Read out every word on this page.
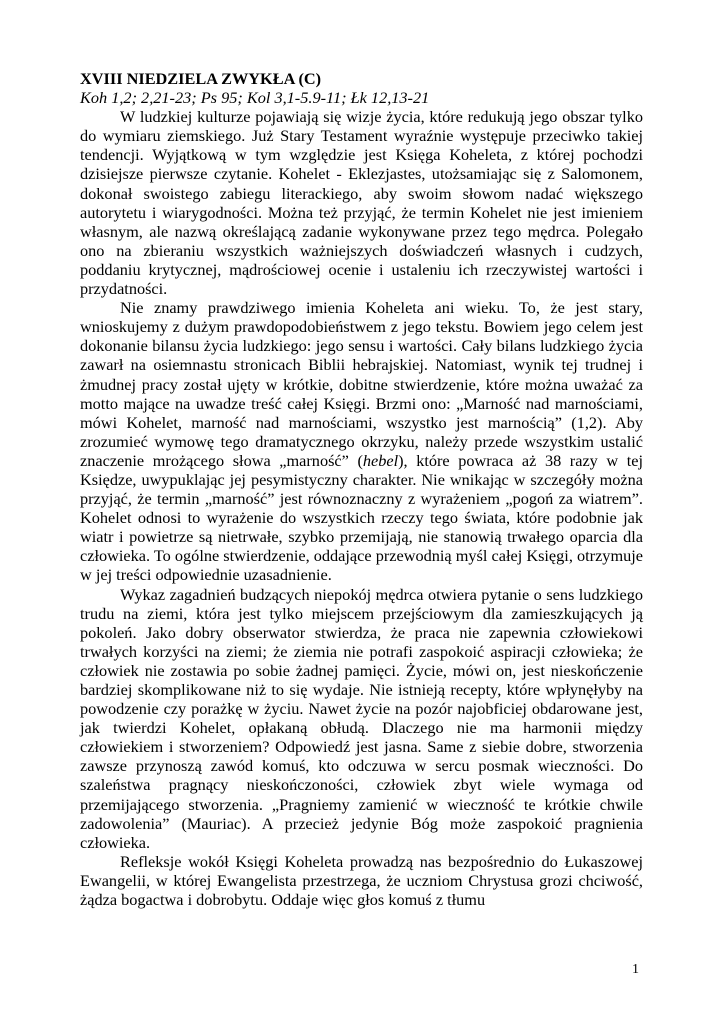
XVIII NIEDZIELA ZWYKŁA (C)

Koh 1,2; 2,21-23; Ps 95; Kol 3,1-5.9-11; Łk 12,13-21

W ludzkiej kulturze pojawiają się wizje życia, które redukują jego obszar tylko do wymiaru ziemskiego. Już Stary Testament wyraźnie występuje przeciwko takiej tendencji. Wyjątkową w tym względzie jest Księga Koheleta, z której pochodzi dzisiejsze pierwsze czytanie. Kohelet - Eklezjastes, utożsamiając się z Salomonem, dokonał swoistego zabiegu literackiego, aby swoim słowom nadać większego autorytetu i wiarygodności. Można też przyjąć, że termin Kohelet nie jest imieniem własnym, ale nazwą określającą zadanie wykonywane przez tego mędrca. Polegało ono na zbieraniu wszystkich ważniejszych doświadczeń własnych i cudzych, poddaniu krytycznej, mądrościowej ocenie i ustaleniu ich rzeczywistej wartości i przydatności.

Nie znamy prawdziwego imienia Koheleta ani wieku. To, że jest stary, wnioskujemy z dużym prawdopodobieństwem z jego tekstu. Bowiem jego celem jest dokonanie bilansu życia ludzkiego: jego sensu i wartości. Cały bilans ludzkiego życia zawarł na osiemnastu stronicach Biblii hebrajskiej. Natomiast, wynik tej trudnej i żmudnej pracy został ujęty w krótkie, dobitne stwierdzenie, które można uważać za motto mające na uwadze treść całej Księgi. Brzmi ono: „Marność nad marnościami, mówi Kohelet, marność nad marnościami, wszystko jest marnością” (1,2). Aby zrozumieć wymowę tego dramatycznego okrzyku, należy przede wszystkim ustalić znaczenie mrożącego słowa „marność” (hebel), które powraca aż 38 razy w tej Księdze, uwypuklając jej pesymistyczny charakter. Nie wnikając w szczegóły można przyjąć, że termin „marność” jest równoznaczny z wyrażeniem „pogoń za wiatrem”. Kohelet odnosi to wyrażenie do wszystkich rzeczy tego świata, które podobnie jak wiatr i powietrze są nietrwałe, szybko przemijają, nie stanowią trwałego oparcia dla człowieka. To ogólne stwierdzenie, oddające przewodnią myśl całej Księgi, otrzymuje w jej treści odpowiednie uzasadnienie.

Wykaz zagadnień budzących niepokój mędrca otwiera pytanie o sens ludzkiego trudu na ziemi, która jest tylko miejscem przejściowym dla zamieszkujących ją pokoleń. Jako dobry obserwator stwierdza, że praca nie zapewnia człowiekowi trwałych korzyści na ziemi; że ziemia nie potrafi zaspokoić aspiracji człowieka; że człowiek nie zostawia po sobie żadnej pamięci. Życie, mówi on, jest nieskończenie bardziej skomplikowane niż to się wydaje. Nie istnieją recepty, które wpłynęłyby na powodzenie czy porażkę w życiu. Nawet życie na pozór najobficiej obdarowane jest, jak twierdzi Kohelet, opłakaną obłudą. Dlaczego nie ma harmonii między człowiekiem i stworzeniem? Odpowiedź jest jasna. Same z siebie dobre, stworzenia zawsze przynoszą zawód komuś, kto odczuwa w sercu posmak wieczności. Do szaleństwa pragnący nieskończoności, człowiek zbyt wiele wymaga od przemijającego stworzenia. „Pragniemy zamienić w wieczność te krótkie chwile zadowolenia” (Mauriac). A przecież jedynie Bóg może zaspokoić pragnienia człowieka.

Refleksje wokół Księgi Koheleta prowadzą nas bezpośrednio do Łukaszowej Ewangelii, w której Ewangelista przestrzega, że uczniom Chrystusa grozi chciwość, żądza bogactwa i dobrobytu. Oddaje więc głos komuś z tłumu

1
